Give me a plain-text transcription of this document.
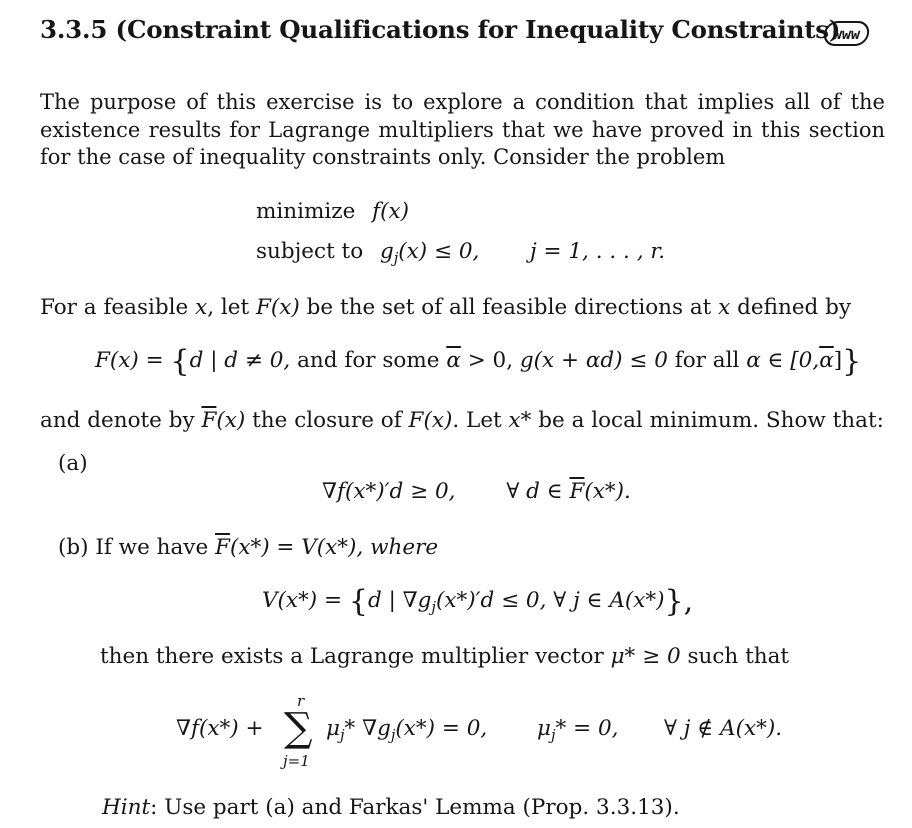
3.3.5 (Constraint Qualifications for Inequality Constraints)
www
The purpose of this exercise is to explore a condition that implies all of the existence results for Lagrange multipliers that we have proved in this section for the case of inequality constraints only. Consider the problem
minimize f(x)
subject to $g_j(x) \le 0$, j = 1, . . . , r.
For a feasible x, let F(x) be the set of all feasible directions at x defined by
F(x) = {d | d ≠ 0, and for some $\overline{\alpha} > 0$, g(x + αd) ≤ 0 for all α ∈ $[0,\overline{\alpha}]$}
and denote by $\overline{F}(x)$ the closure of F(x). Let x* be a local minimum. Show that:
(a)
∇f(x*)′d ≥ 0, ∀ d ∈ $\overline{F}(x*)$.
(b) If we have $\overline{F}(x*) = V(x*)$, where
V(x*) = {d | $\nabla g_j(x*)'d \le 0$, ∀ j ∈ A(x*)},
then there exists a Lagrange multiplier vector μ* ≥ 0 such that
∇f(x*) +
r
∑
j=1
$\mu_j*$ $\nabla g_j(x*) = 0$, $\mu_j* = 0$, ∀ j ∉ A(x*).
Hint: Use part (a) and Farkas' Lemma (Prop. 3.3.13).
